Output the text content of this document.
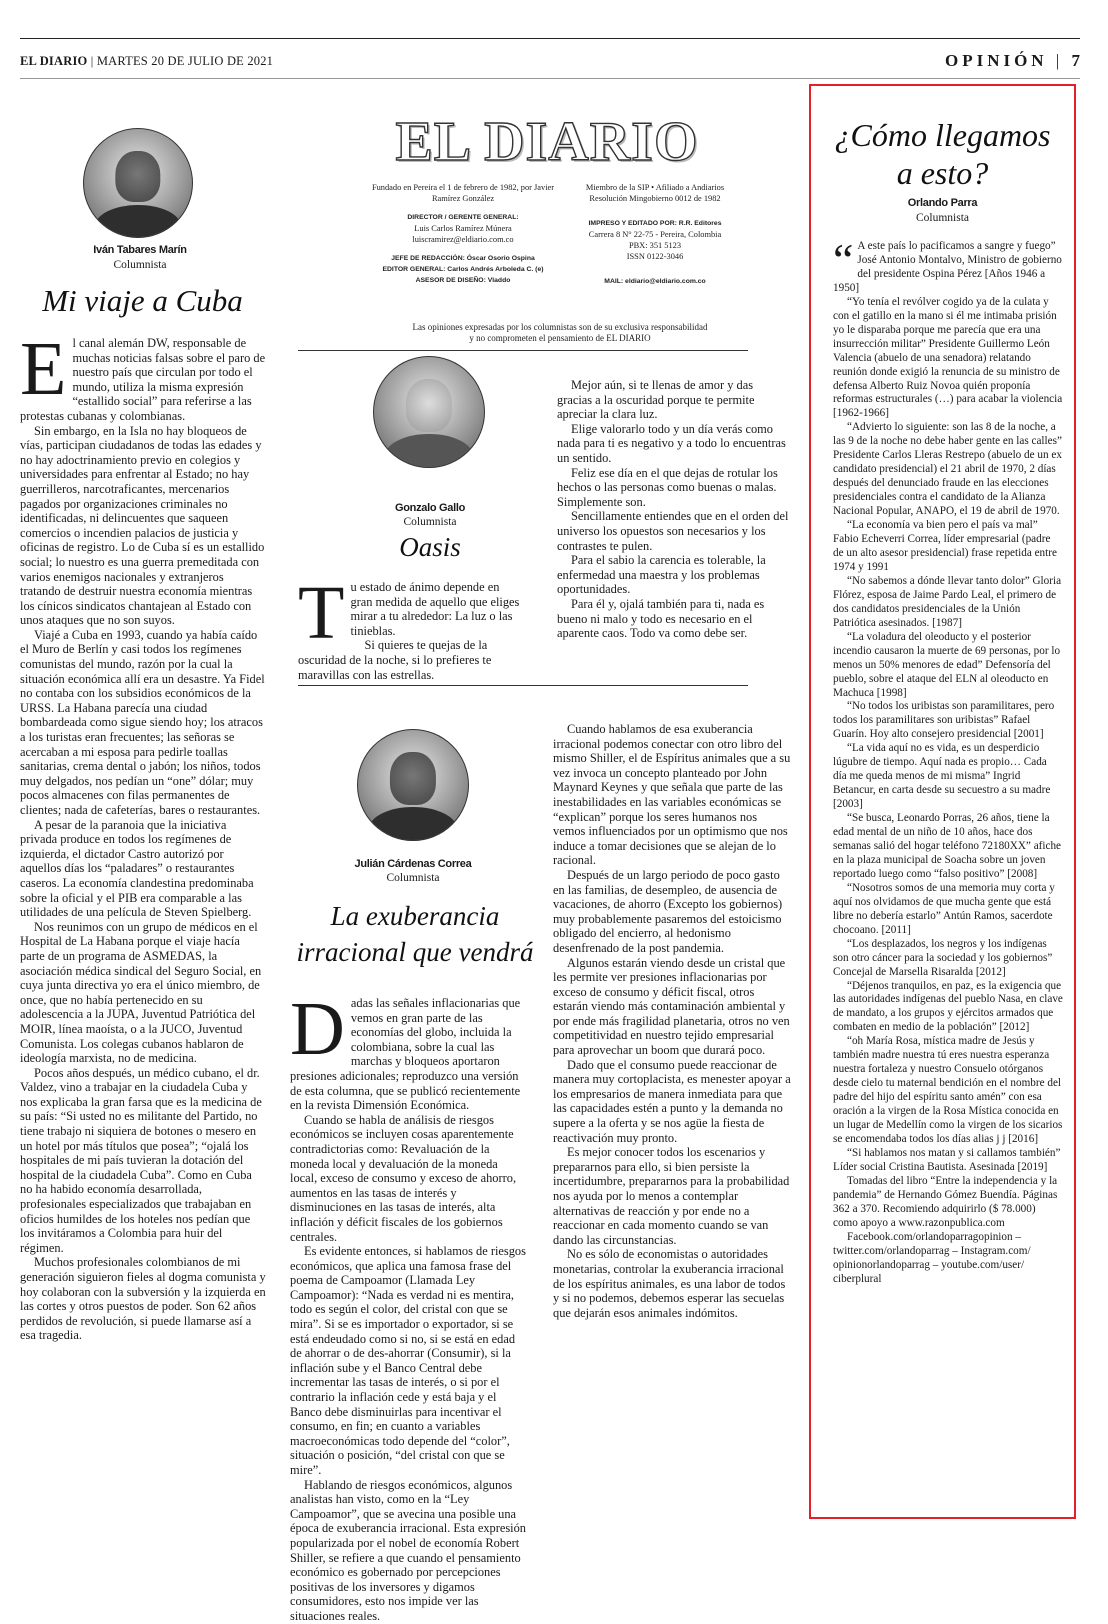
EL DIARIO | MARTES 20 DE JULIO DE 2021	OPINIÓN | 7
Iván Tabares Marín
Columnista
Mi viaje a Cuba

El canal alemán DW, responsable de muchas noticias falsas sobre el paro de nuestro país que circulan por todo el mundo, utiliza la misma expresión “estallido social” para referirse a las protestas cubanas y colombianas.

Sin embargo, en la Isla no hay bloqueos de vías, participan ciudadanos de todas las edades y no hay adoctrinamiento previo en colegios y universidades para enfrentar al Estado; no hay guerrilleros, narcotraficantes, mercenarios pagados por organizaciones criminales no identificadas, ni delincuentes que saqueen comercios o incendien palacios de justicia y oficinas de registro. Lo de Cuba sí es un estallido social; lo nuestro es una guerra premeditada con varios enemigos nacionales y extranjeros tratando de destruir nuestra economía mientras los cínicos sindicatos chantajean al Estado con unos ataques que no son suyos.

Viajé a Cuba en 1993, cuando ya había caído el Muro de Berlín y casi todos los regímenes comunistas del mundo, razón por la cual la situación económica allí era un desastre. Ya Fidel no contaba con los subsidios económicos de la URSS. La Habana parecía una ciudad bombardeada como sigue siendo hoy; los atracos a los turistas eran frecuentes; las señoras se acercaban a mi esposa para pedirle toallas sanitarias, crema dental o jabón; los niños, todos muy delgados, nos pedían un “one” dólar; muy pocos almacenes con filas permanentes de clientes; nada de cafeterías, bares o restaurantes.

A pesar de la paranoia que la iniciativa privada produce en todos los regímenes de izquierda, el dictador Castro autorizó por aquellos días los “paladares” o restaurantes caseros. La economía clandestina predominaba sobre la oficial y el PIB era comparable a las utilidades de una película de Steven Spielberg.

Nos reunimos con un grupo de médicos en el Hospital de La Habana porque el viaje hacía parte de un programa de ASMEDAS, la asociación médica sindical del Seguro Social, en cuya junta directiva yo era el único miembro, de once, que no había pertenecido en su adolescencia a la JUPA, Juventud Patriótica del MOIR, línea maoísta, o a la JUCO, Juventud Comunista. Los colegas cubanos hablaron de ideología marxista, no de medicina.

Pocos años después, un médico cubano, el dr. Valdez, vino a trabajar en la ciudadela Cuba y nos explicaba la gran farsa que es la medicina de su país: “Si usted no es militante del Partido, no tiene trabajo ni siquiera de botones o mesero en un hotel por más títulos que posea”; “ojalá los hospitales de mi país tuvieran la dotación del hospital de la ciudadela Cuba”. Como en Cuba no ha habido economía desarrollada, profesionales especializados que trabajaban en oficios humildes de los hoteles nos pedían que los invitáramos a Colombia para huir del régimen.

Muchos profesionales colombianos de mi generación siguieron fieles al dogma comunista y hoy colaboran con la subversión y la izquierda en las cortes y otros puestos de poder. Son 62 años perdidos de revolución, si puede llamarse así a esa tragedia.

EL DIARIO
Fundado en Pereira el 1 de febrero de 1982, por Javier Ramírez González
DIRECTOR / GERENTE GENERAL:
Luis Carlos Ramírez Múnera
luiscramirez@eldiario.com.co
JEFE DE REDACCIÓN: Óscar Osorio Ospina
EDITOR GENERAL: Carlos Andrés Arboleda C. (e)
ASESOR DE DISEÑO: Vladdo
Miembro de la SIP • Afiliado a Andiarios
Resolución Mingobierno 0012 de 1982
IMPRESO Y EDITADO POR: R.R. Editores
Carrera 8 N° 22-75 - Pereira, Colombia
PBX: 351 5123
ISSN 0122-3046
MAIL: eldiario@eldiario.com.co
Las opiniones expresadas por los columnistas son de su exclusiva responsabilidad
y no comprometen el pensamiento de EL DIARIO
Gonzalo Gallo
Columnista
Oasis

Tu estado de ánimo depende en gran medida de aquello que eliges mirar a tu alrededor: La luz o las tinieblas.

Si quieres te quejas de la oscuridad de la noche, si lo prefieres te maravillas con las estrellas.

Mejor aún, si te llenas de amor y das gracias a la oscuridad porque te permite apreciar la clara luz.

Elige valorarlo todo y un día verás como nada para ti es negativo y a todo lo encuentras un sentido.

Feliz ese día en el que dejas de rotular los hechos o las personas como buenas o malas. Simplemente son.

Sencillamente entiendes que en el orden del universo los opuestos son necesarios y los contrastes te pulen.

Para el sabio la carencia es tolerable, la enfermedad una maestra y los problemas oportunidades.

Para él y, ojalá también para ti, nada es bueno ni malo y todo es necesario en el aparente caos. Todo va como debe ser.

Julián Cárdenas Correa
Columnista
La exuberancia
irracional que vendrá

Dadas las señales inflacionarias que vemos en gran parte de las economías del globo, incluida la colombiana, sobre la cual las marchas y bloqueos aportaron presiones adicionales; reproduzco una versión de esta columna, que se publicó recientemente en la revista Dimensión Económica.

Cuando se habla de análisis de riesgos económicos se incluyen cosas aparentemente contradictorias como: Revaluación de la moneda local y devaluación de la moneda local, exceso de consumo y exceso de ahorro, aumentos en las tasas de interés y disminuciones en las tasas de interés, alta inflación y déficit fiscales de los gobiernos centrales.

Es evidente entonces, si hablamos de riesgos económicos, que aplica una famosa frase del poema de Campoamor (Llamada Ley Campoamor): “Nada es verdad ni es mentira, todo es según el color, del cristal con que se mira”. Si se es importador o exportador, si se está endeudado como si no, si se está en edad de ahorrar o de des-ahorrar (Consumir), si la inflación sube y el Banco Central debe incrementar las tasas de interés, o si por el contrario la inflación cede y está baja y el Banco debe disminuirlas para incentivar el consumo, en fin; en cuanto a variables macroeconómicas todo depende del “color”, situación o posición, “del cristal con que se mire”.

Hablando de riesgos económicos, algunos analistas han visto, como en la “Ley Campoamor”, que se avecina una posible una época de exuberancia irracional. Esta expresión popularizada por el nobel de economía Robert Shiller, se refiere a que cuando el pensamiento económico es gobernado por percepciones positivas de los inversores y digamos consumidores, esto nos impide ver las situaciones reales.

Cuando hablamos de esa exuberancia irracional podemos conectar con otro libro del mismo Shiller, el de Espíritus animales que a su vez invoca un concepto planteado por John Maynard Keynes y que señala que parte de las inestabilidades en las variables económicas se “explican” porque los seres humanos nos vemos influenciados por un optimismo que nos induce a tomar decisiones que se alejan de lo racional.

Después de un largo periodo de poco gasto en las familias, de desempleo, de ausencia de vacaciones, de ahorro (Excepto los gobiernos) muy probablemente pasaremos del estoicismo obligado del encierro, al hedonismo desenfrenado de la post pandemia.

Algunos estarán viendo desde un cristal que les permite ver presiones inflacionarias por exceso de consumo y déficit fiscal, otros estarán viendo más contaminación ambiental y por ende más fragilidad planetaria, otros no ven competitividad en nuestro tejido empresarial para aprovechar un boom que durará poco.

Dado que el consumo puede reaccionar de manera muy cortoplacista, es menester apoyar a los empresarios de manera inmediata para que las capacidades estén a punto y la demanda no supere a la oferta y se nos agüe la fiesta de reactivación muy pronto.

Es mejor conocer todos los escenarios y prepararnos para ello, si bien persiste la incertidumbre, prepararnos para la probabilidad nos ayuda por lo menos a contemplar alternativas de reacción y por ende no a reaccionar en cada momento cuando se van dando las circunstancias.

No es sólo de economistas o autoridades monetarias, controlar la exuberancia irracional de los espíritus animales, es una labor de todos y si no podemos, debemos esperar las secuelas que dejarán esos animales indómitos.

¿Cómo llegamos
a esto?
Orlando Parra
Columnista

“ A este país lo pacificamos a sangre y fuego” José Antonio Montalvo, Ministro de gobierno del presidente Ospina Pérez [Años 1946 a 1950]

“Yo tenía el revólver cogido ya de la culata y con el gatillo en la mano si él me intimaba prisión yo le disparaba porque me parecía que era una insurrección militar” Presidente Guillermo León Valencia (abuelo de una senadora) relatando reunión donde exigió la renuncia de su ministro de defensa Alberto Ruiz Novoa quién proponía reformas estructurales (…) para acabar la violencia [1962-1966]

“Advierto lo siguiente: son las 8 de la noche, a las 9 de la noche no debe haber gente en las calles” Presidente Carlos Lleras Restrepo (abuelo de un ex candidato presidencial) el 21 abril de 1970, 2 días después del denunciado fraude en las elecciones presidenciales contra el candidato de la Alianza Nacional Popular, ANAPO, el 19 de abril de 1970.

“La economía va bien pero el país va mal” Fabio Echeverri Correa, líder empresarial (padre de un alto asesor presidencial) frase repetida entre 1974 y 1991

“No sabemos a dónde llevar tanto dolor” Gloria Flórez, esposa de Jaime Pardo Leal, el primero de dos candidatos presidenciales de la Unión Patriótica asesinados. [1987]

“La voladura del oleoducto y el posterior incendio causaron la muerte de 69 personas, por lo menos un 50% menores de edad” Defensoría del pueblo, sobre el ataque del ELN al oleoducto en Machuca [1998]

“No todos los uribistas son paramilitares, pero todos los paramilitares son uribistas” Rafael Guarín. Hoy alto consejero presidencial [2001]

“La vida aquí no es vida, es un desperdicio lúgubre de tiempo. Aquí nada es propio… Cada día me queda menos de mi misma” Ingrid Betancur, en carta desde su secuestro a su madre [2003]

“Se busca, Leonardo Porras, 26 años, tiene la edad mental de un niño de 10 años, hace dos semanas salió del hogar teléfono 72180XX” afiche en la plaza municipal de Soacha sobre un joven reportado luego como “falso positivo” [2008]

“Nosotros somos de una memoria muy corta y aquí nos olvidamos de que mucha gente que está libre no debería estarlo” Antún Ramos, sacerdote chocoano. [2011]

“Los desplazados, los negros y los indígenas son otro cáncer para la sociedad y los gobiernos” Concejal de Marsella Risaralda [2012]

“Déjenos tranquilos, en paz, es la exigencia que las autoridades indígenas del pueblo Nasa, en clave de mandato, a los grupos y ejércitos armados que combaten en medio de la población” [2012]

“oh María Rosa, mística madre de Jesús y también madre nuestra tú eres nuestra esperanza nuestra fortaleza y nuestro Consuelo otórganos desde cielo tu maternal bendición en el nombre del padre del hijo del espíritu santo amén” con esa oración a la virgen de la Rosa Mística conocida en un lugar de Medellín como la virgen de los sicarios se encomendaba todos los días alias j j [2016]

“Si hablamos nos matan y si callamos también” Líder social Cristina Bautista. Asesinada [2019]

Tomadas del libro “Entre la independencia y la pandemia” de Hernando Gómez Buendía. Páginas 362 a 370. Recomiendo adquirirlo ($ 78.000) como apoyo a www.razonpublica.com

Facebook.com/orlandoparragopinion –twitter.com/orlandoparrag – Instagram.com/ opinionorlandoparrag – youtube.com/user/ ciberplural
